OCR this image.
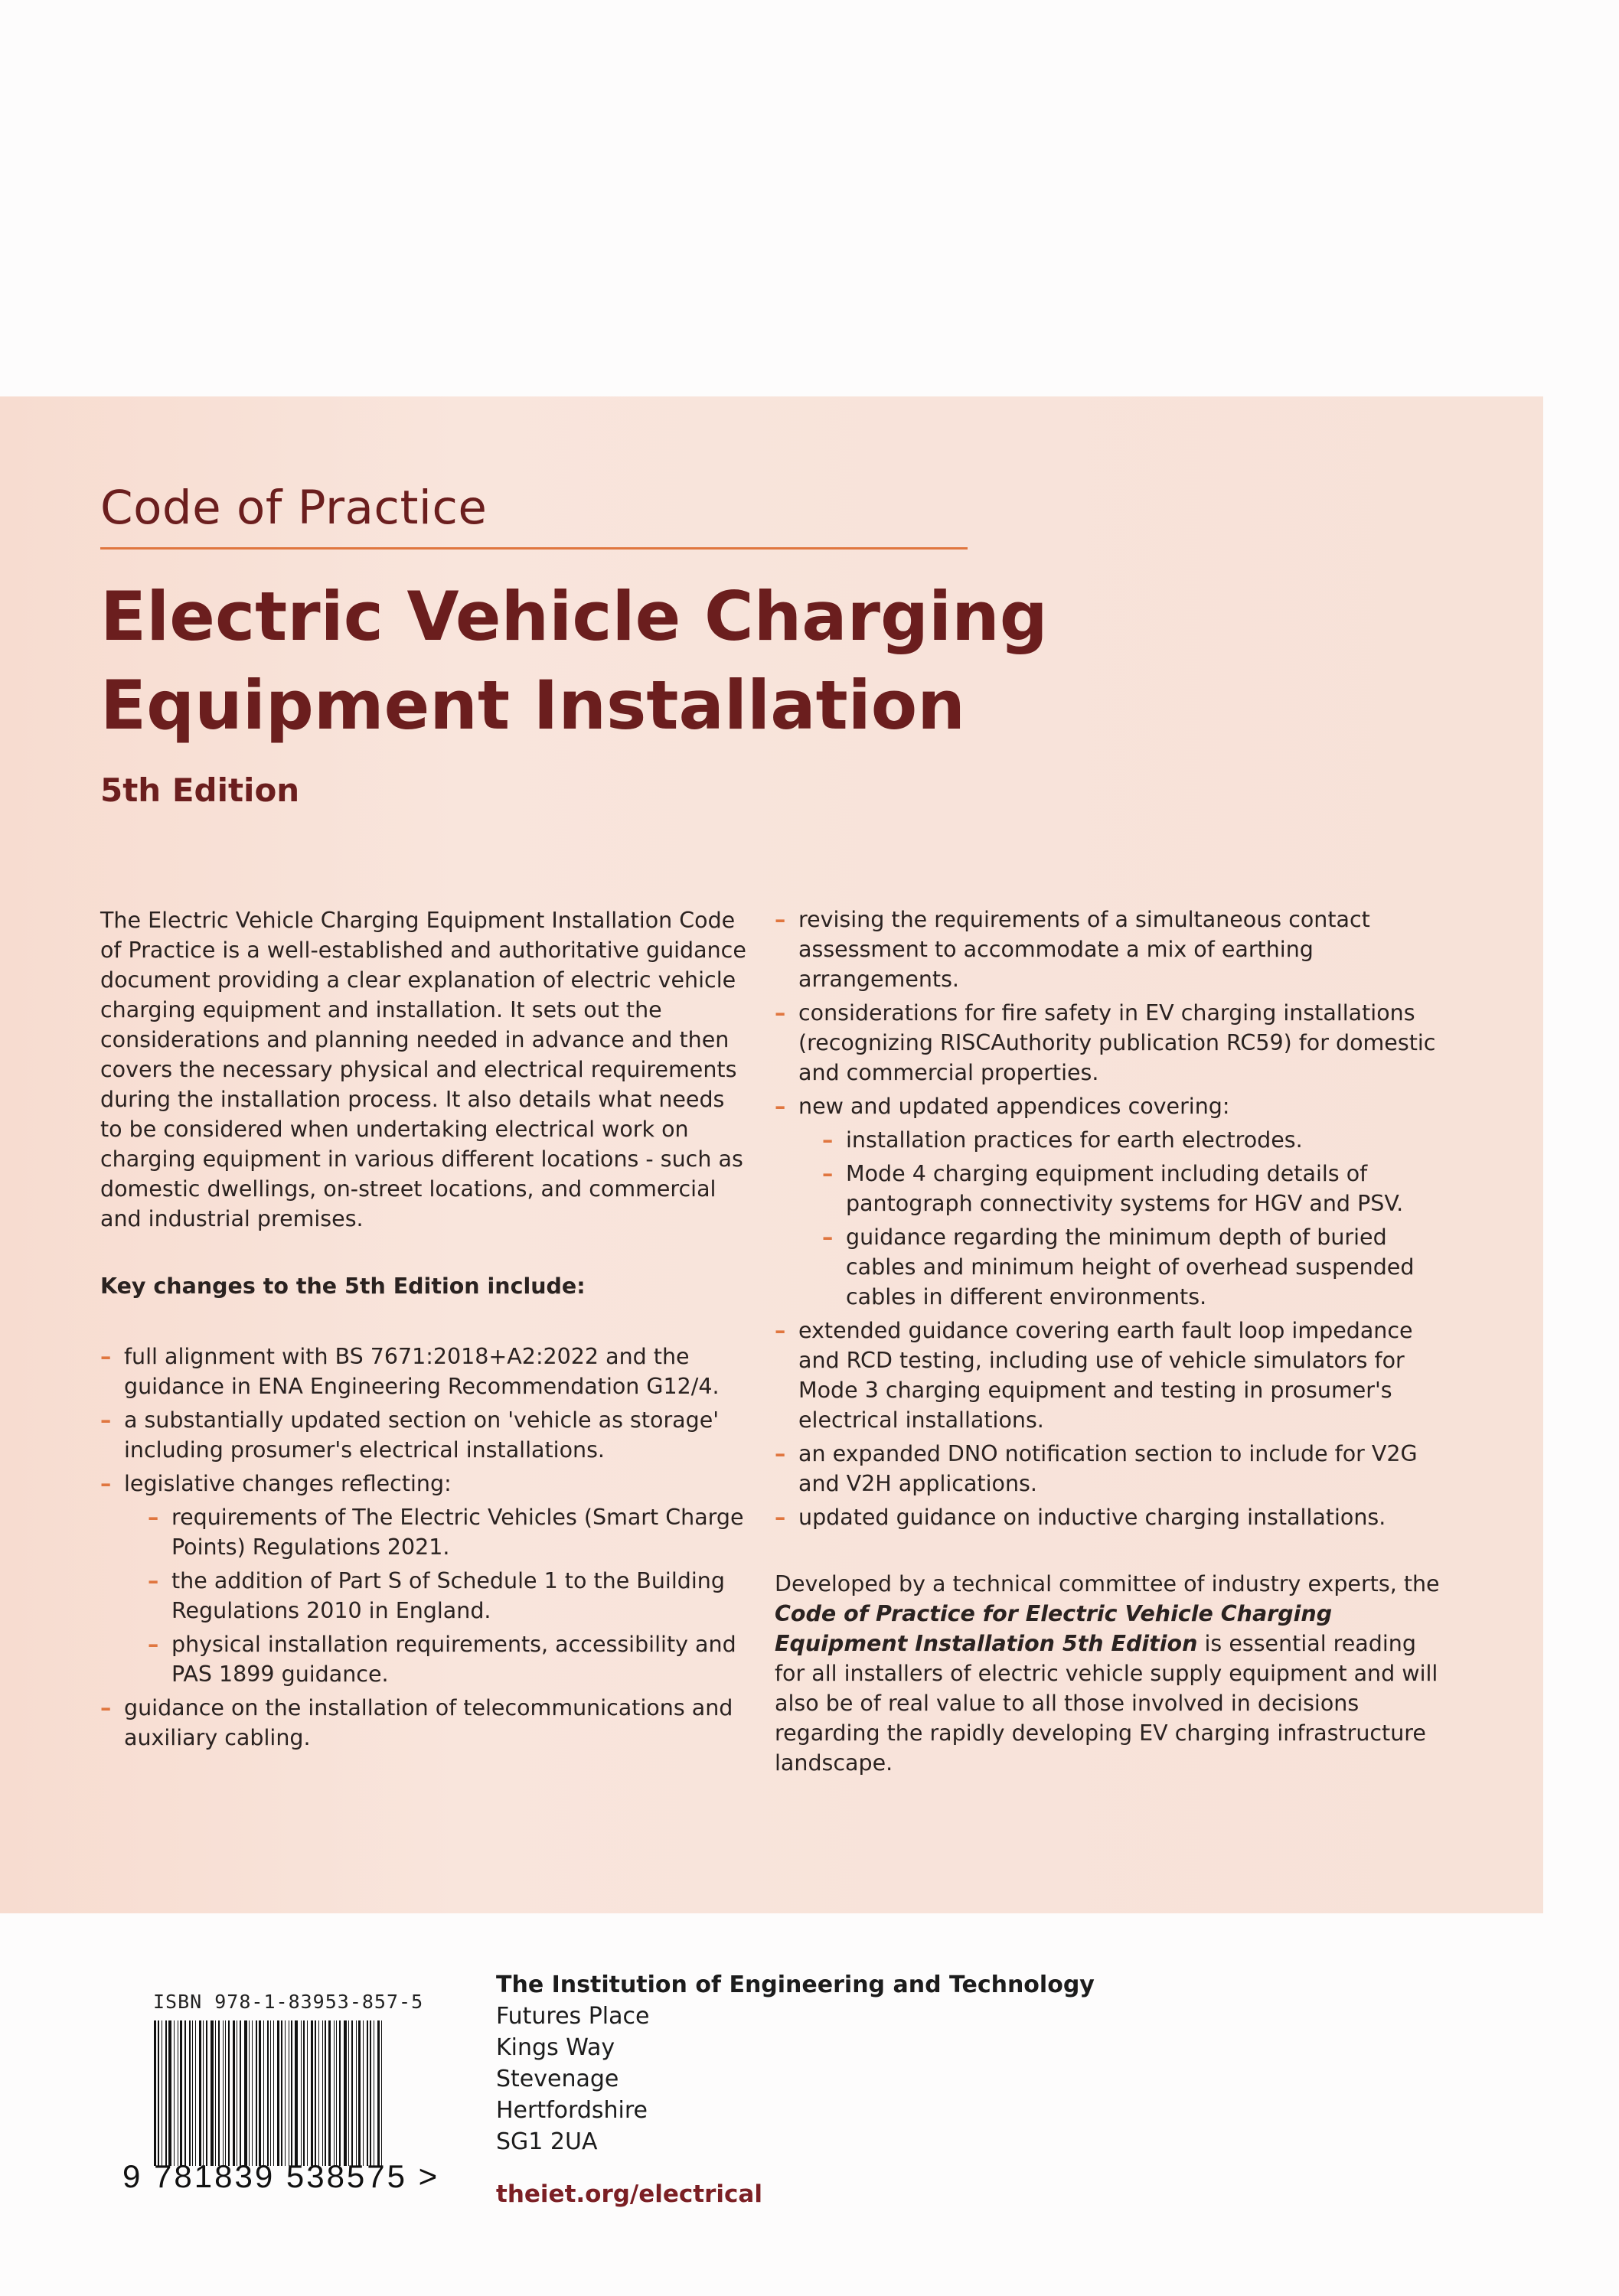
Code of Practice
Electric Vehicle Charging
Equipment Installation
5th Edition

The Electric Vehicle Charging Equipment Installation Code of Practice is a well-established and authoritative guidance document providing a clear explanation of electric vehicle charging equipment and installation. It sets out the considerations and planning needed in advance and then covers the necessary physical and electrical requirements during the installation process. It also details what needs to be considered when undertaking electrical work on charging equipment in various different locations - such as domestic dwellings, on-street locations, and commercial and industrial premises.

Key changes to the 5th Edition include:

– full alignment with BS 7671:2018+A2:2022 and the guidance in ENA Engineering Recommendation G12/4.
– a substantially updated section on 'vehicle as storage' including prosumer's electrical installations.
– legislative changes reflecting:
– requirements of The Electric Vehicles (Smart Charge Points) Regulations 2021.
– the addition of Part S of Schedule 1 to the Building Regulations 2010 in England.
– physical installation requirements, accessibility and PAS 1899 guidance.
– guidance on the installation of telecommunications and auxiliary cabling.
– revising the requirements of a simultaneous contact assessment to accommodate a mix of earthing arrangements.
– considerations for fire safety in EV charging installations (recognizing RISCAuthority publication RC59) for domestic and commercial properties.
– new and updated appendices covering:
– installation practices for earth electrodes.
– Mode 4 charging equipment including details of pantograph connectivity systems for HGV and PSV.
– guidance regarding the minimum depth of buried cables and minimum height of overhead suspended cables in different environments.
– extended guidance covering earth fault loop impedance and RCD testing, including use of vehicle simulators for Mode 3 charging equipment and testing in prosumer's electrical installations.
– an expanded DNO notification section to include for V2G and V2H applications.
– updated guidance on inductive charging installations.

Developed by a technical committee of industry experts, the Code of Practice for Electric Vehicle Charging Equipment Installation 5th Edition is essential reading for all installers of electric vehicle supply equipment and will also be of real value to all those involved in decisions regarding the rapidly developing EV charging infrastructure landscape.

ISBN 978-1-83953-857-5
9 781839 538575 >
The Institution of Engineering and Technology
Futures Place
Kings Way
Stevenage
Hertfordshire
SG1 2UA
theiet.org/electrical
